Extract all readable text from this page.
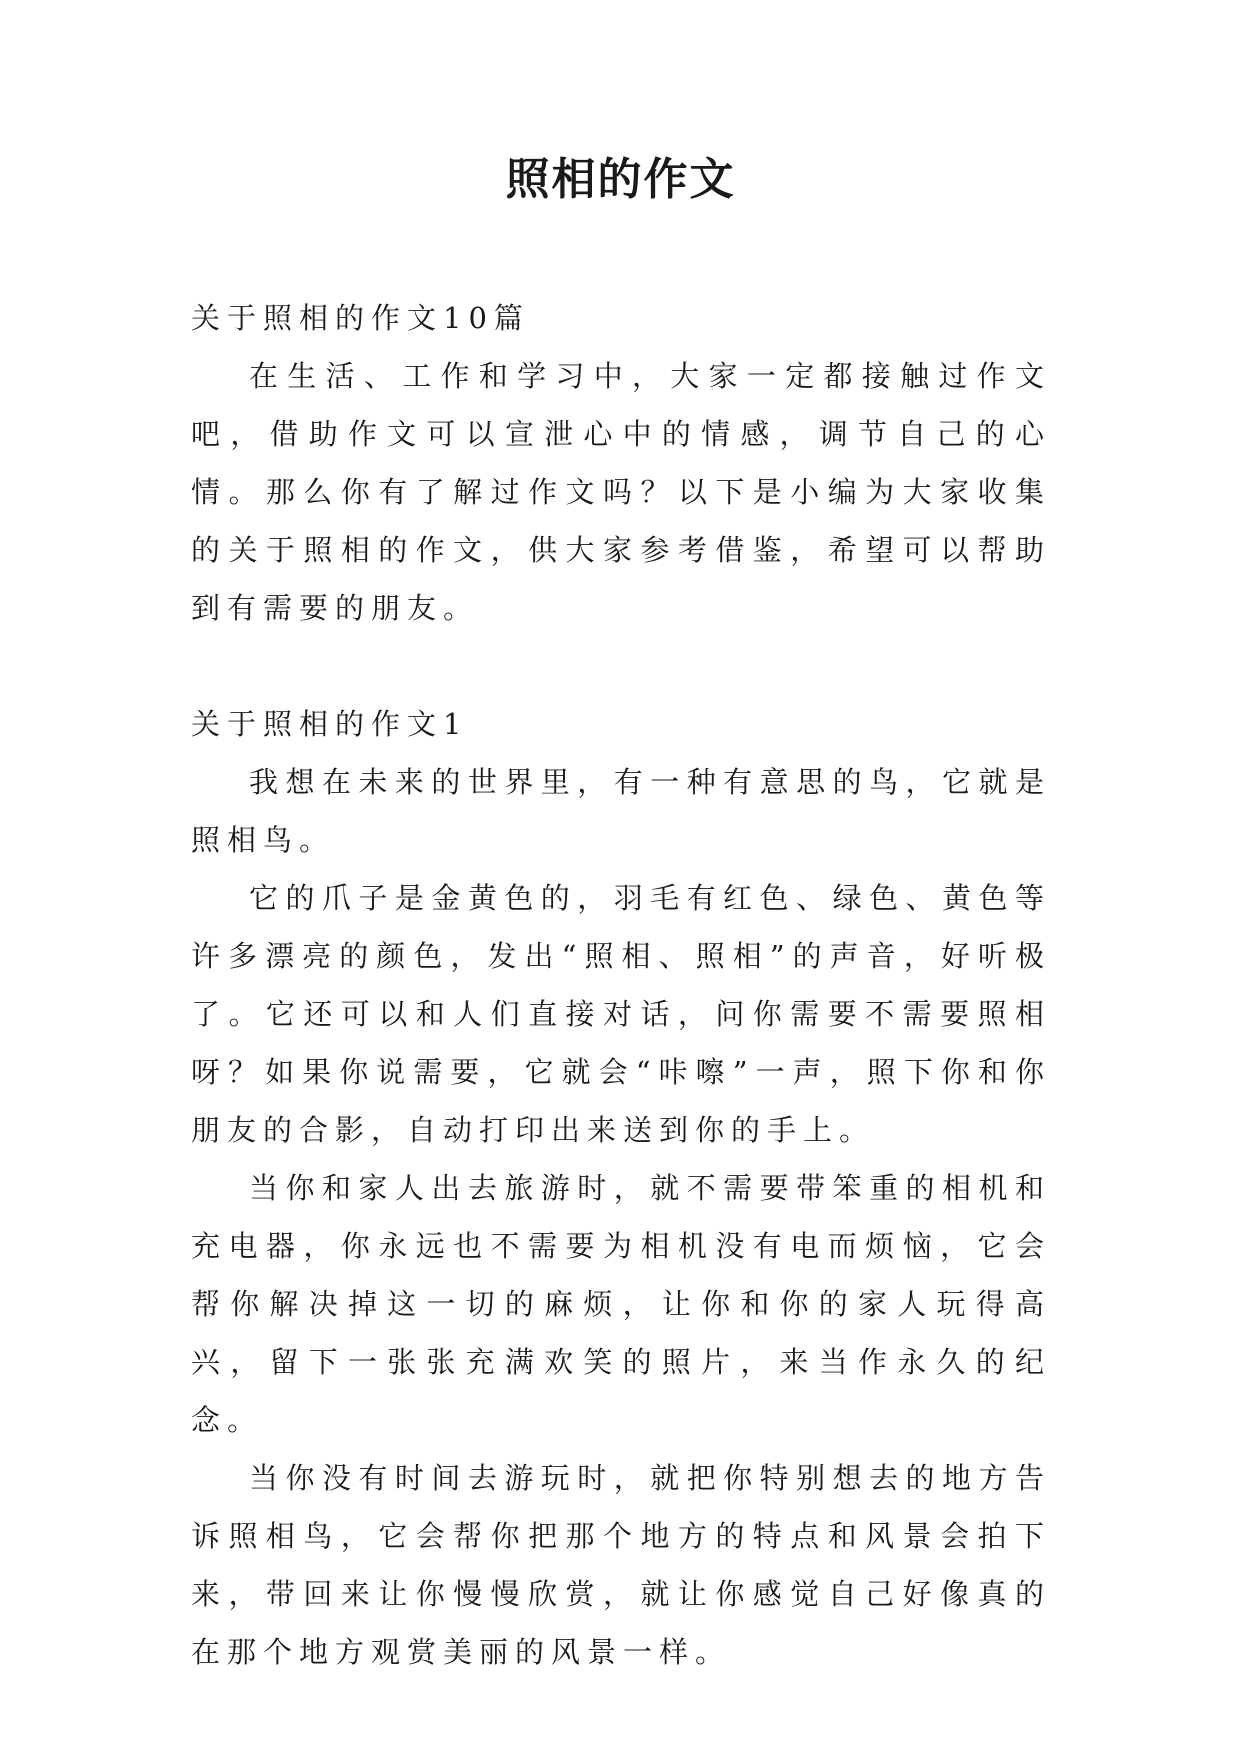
照相的作文

关于照相的作文10篇

在生活、工作和学习中，大家一定都接触过作文吧，借助作文可以宣泄心中的情感，调节自己的心情。那么你有了解过作文吗？以下是小编为大家收集的关于照相的作文，供大家参考借鉴，希望可以帮助到有需要的朋友。

关于照相的作文1

我想在未来的世界里，有一种有意思的鸟，它就是照相鸟。

它的爪子是金黄色的，羽毛有红色、绿色、黄色等许多漂亮的颜色，发出“照相、照相”的声音，好听极了。它还可以和人们直接对话，问你需要不需要照相呀？如果你说需要，它就会“咔嚓”一声，照下你和你朋友的合影，自动打印出来送到你的手上。

当你和家人出去旅游时，就不需要带笨重的相机和充电器，你永远也不需要为相机没有电而烦恼，它会帮你解决掉这一切的麻烦，让你和你的家人玩得高兴，留下一张张充满欢笑的照片，来当作永久的纪念。

当你没有时间去游玩时，就把你特别想去的地方告诉照相鸟，它会帮你把那个地方的特点和风景会拍下来，带回来让你慢慢欣赏，就让你感觉自己好像真的在那个地方观赏美丽的风景一样。
